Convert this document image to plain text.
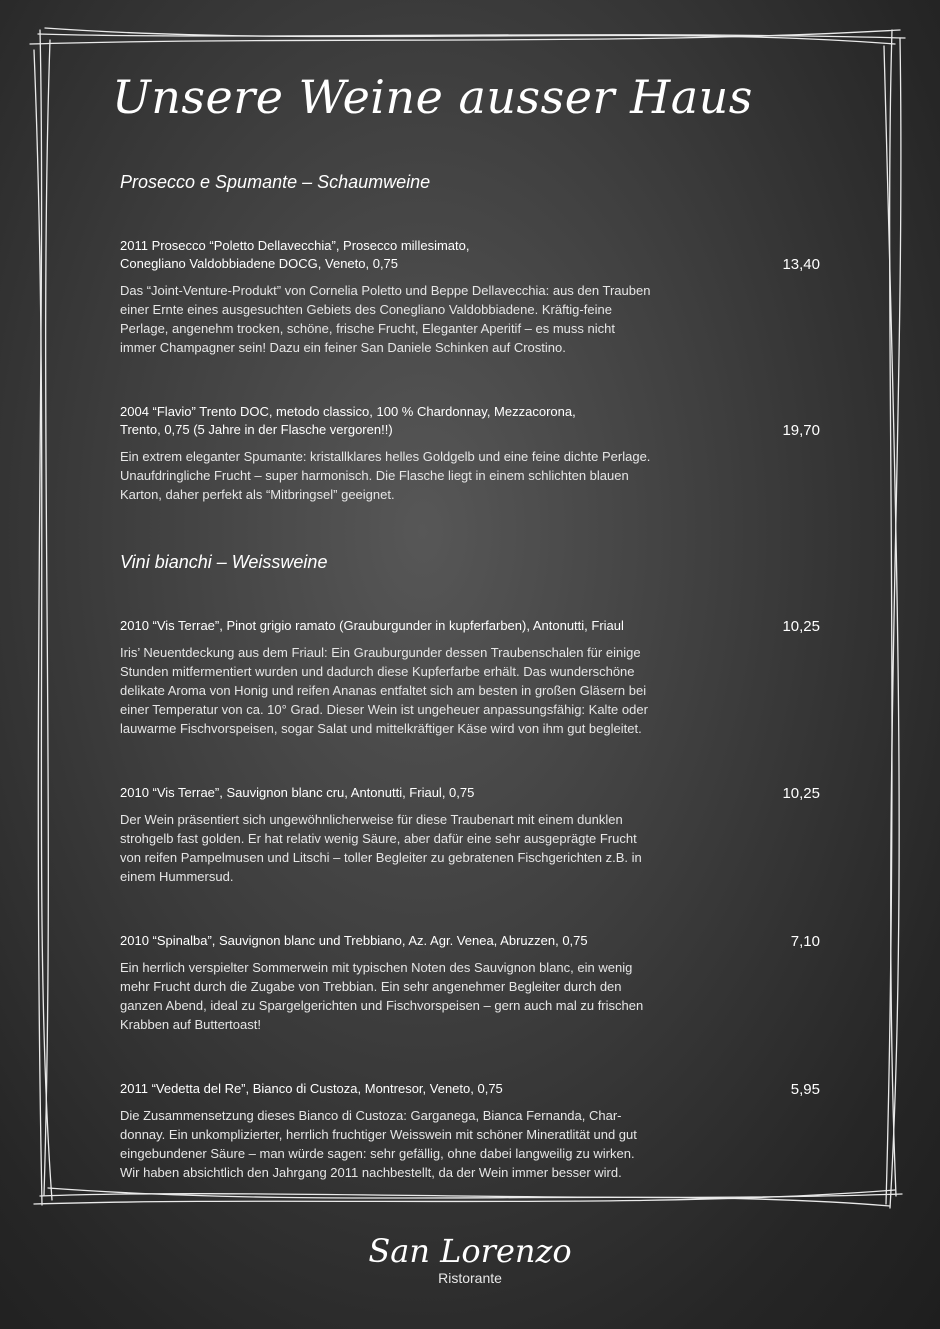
Unsere Weine ausser Haus
Prosecco e Spumante – Schaumweine
2011 Prosecco “Poletto Dellavecchia”, Prosecco millesimato,
Conegliano Valdobbiadene DOCG, Veneto, 0,75	13,40
Das “Joint-Venture-Produkt” von Cornelia Poletto und Beppe Dellavecchia: aus den Trauben
einer Ernte eines ausgesuchten Gebiets des Conegliano Valdobbiadene. Kräftig-feine
Perlage, angenehm trocken, schöne, frische Frucht, Eleganter Aperitif – es muss nicht
immer Champagner sein! Dazu ein feiner San Daniele Schinken auf Crostino.
2004 “Flavio” Trento DOC, metodo classico, 100 % Chardonnay, Mezzacorona,
Trento, 0,75 (5 Jahre in der Flasche vergoren!!)	19,70
Ein extrem eleganter Spumante: kristallklares helles Goldgelb und eine feine dichte Perlage.
Unaufdringliche Frucht – super harmonisch. Die Flasche liegt in einem schlichten blauen
Karton, daher perfekt als “Mitbringsel” geeignet.
Vini bianchi – Weissweine
2010 “Vis Terrae”, Pinot grigio ramato (Grauburgunder in kupferfarben), Antonutti, Friaul	10,25
Iris’ Neuentdeckung aus dem Friaul: Ein Grauburgunder dessen Traubenschalen für einige
Stunden mitfermentiert wurden und dadurch diese Kupferfarbe erhält. Das wunderschöne
delikate Aroma von Honig und reifen Ananas entfaltet sich am besten in großen Gläsern bei
einer Temperatur von ca. 10° Grad. Dieser Wein ist ungeheuer anpassungsfähig: Kalte oder
lauwarme Fischvorspeisen, sogar Salat und mittelkräftiger Käse wird von ihm gut begleitet.
2010 “Vis Terrae”, Sauvignon blanc cru, Antonutti, Friaul, 0,75	10,25
Der Wein präsentiert sich ungewöhnlicherweise für diese Traubenart mit einem dunklen
strohgelb fast golden. Er hat relativ wenig Säure, aber dafür eine sehr ausgeprägte Frucht
von reifen Pampelmusen und Litschi – toller Begleiter zu gebratenen Fischgerichten z.B. in
einem Hummersud.
2010 “Spinalba”, Sauvignon blanc und Trebbiano, Az. Agr. Venea, Abruzzen, 0,75	7,10
Ein herrlich verspielter Sommerwein mit typischen Noten des Sauvignon blanc, ein wenig
mehr Frucht durch die Zugabe von Trebbian. Ein sehr angenehmer Begleiter durch den
ganzen Abend, ideal zu Spargelgerichten und Fischvorspeisen – gern auch mal zu frischen
Krabben auf Buttertoast!
2011 “Vedetta del Re”, Bianco di Custoza, Montresor, Veneto, 0,75	5,95
Die Zusammensetzung dieses Bianco di Custoza: Garganega, Bianca Fernanda, Char-
donnay. Ein unkomplizierter, herrlich fruchtiger Weisswein mit schöner Mineratlität und gut
eingebundener Säure – man würde sagen: sehr gefällig, ohne dabei langweilig zu wirken.
Wir haben absichtlich den Jahrgang 2011 nachbestellt, da der Wein immer besser wird.
San Lorenzo
Ristorante
